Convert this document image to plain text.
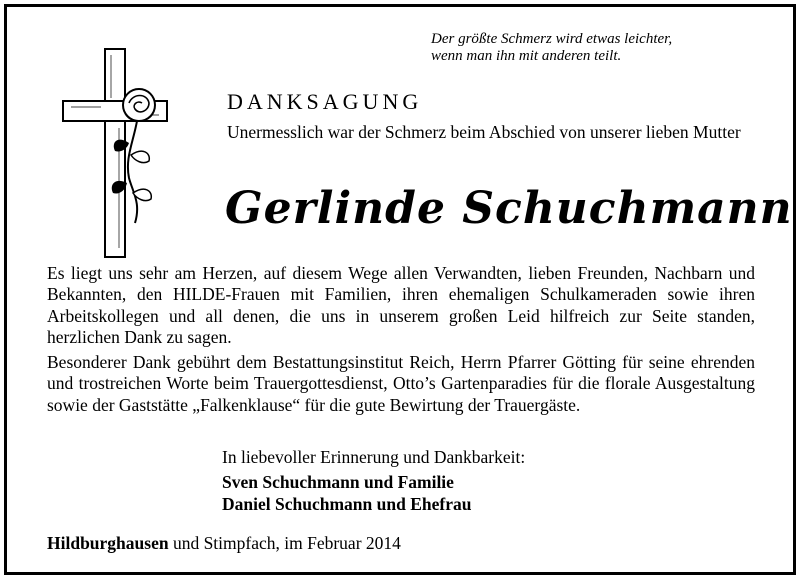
Der größte Schmerz wird etwas leichter,
wenn man ihn mit anderen teilt.
DANKSAGUNG
Unermesslich war der Schmerz beim Abschied von unserer lieben Mutter
Gerlinde Schuchmann

Es liegt uns sehr am Herzen, auf diesem Wege allen Verwandten, lieben Freunden, Nachbarn und Bekannten, den HILDE-Frauen mit Familien, ihren ehemaligen Schulkameraden sowie ihren Arbeitskollegen und all denen, die uns in unserem großen Leid hilfreich zur Seite standen, herzlichen Dank zu sagen.

Besonderer Dank gebührt dem Bestattungsinstitut Reich, Herrn Pfarrer Götting für seine ehrenden und trostreichen Worte beim Trauergottesdienst, Otto’s Gartenparadies für die florale Ausgestaltung sowie der Gaststätte „Falkenklause“ für die gute Bewirtung der Trauergäste.

In liebevoller Erinnerung und Dankbarkeit:
Sven Schuchmann und Familie
Daniel Schuchmann und Ehefrau
Hildburghausen und Stimpfach, im Februar 2014
